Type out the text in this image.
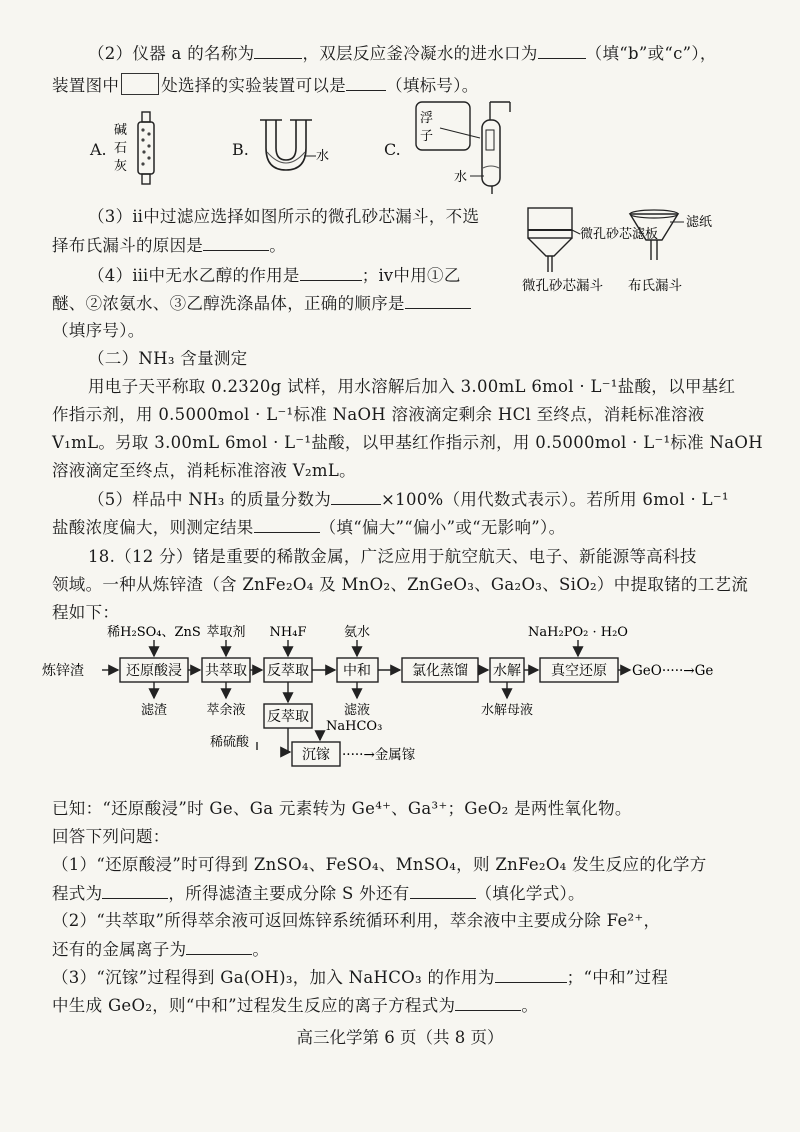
（2）仪器 a 的名称为	，双层反应釜冷凝水的进水口为	（填“b”或“c”），
装置图中	处选择的实验装置可以是 （填标号）。
A.
碱
石
灰
B.	水	C.
浮
子
水
（3）ⅱ中过滤应选择如图所示的微孔砂芯漏斗，不选
择布氏漏斗的原因是	。
微孔砂芯滤板
滤纸
微孔砂芯漏斗 布氏漏斗
（4）ⅲ中无水乙醇的作用是	；ⅳ中用①乙
醚、②浓氨水、③乙醇洗涤晶体，正确的顺序是
（填序号）。
（二）NH₃ 含量测定
用电子天平称取 0.2320g 试样，用水溶解后加入 3.00mL 6mol · L⁻¹盐酸，以甲基红
作指示剂，用 0.5000mol · L⁻¹标准 NaOH 溶液滴定剩余 HCl 至终点，消耗标准溶液
V₁mL。另取 3.00mL 6mol · L⁻¹盐酸，以甲基红作指示剂，用 0.5000mol · L⁻¹标准 NaOH
溶液滴定至终点，消耗标准溶液 V₂mL。
（5）样品中 NH₃ 的质量分数为	×100%（用代数式表示）。若所用 6mol · L⁻¹
盐酸浓度偏大，则测定结果	（填“偏大”“偏小”或“无影响”）。
18.（12 分）锗是重要的稀散金属，广泛应用于航空航天、电子、新能源等高科技
领域。一种从炼锌渣（含 ZnFe₂O₄ 及 MnO₂、ZnGeO₃、Ga₂O₃、SiO₂）中提取锗的工艺流
程如下：
炼锌渣	还原酸浸 共萃取 反萃取 中和	氯化蒸馏 水解 真空还原 GeO·····→Ge
稀H₂SO₄、ZnS 萃取剂 NH₄F	氨水	NaH₂PO₂ · H₂O
滤渣	萃余液	滤液	水解母液
反萃取
沉镓
稀硫酸
NaHCO₃
·····→金属镓
已知：“还原酸浸”时 Ge、Ga 元素转为 Ge⁴⁺、Ga³⁺；GeO₂ 是两性氧化物。
回答下列问题：
（1）“还原酸浸”时可得到 ZnSO₄、FeSO₄、MnSO₄，则 ZnFe₂O₄ 发生反应的化学方
程式为	，所得滤渣主要成分除 S 外还有	（填化学式）。
（2）“共萃取”所得萃余液可返回炼锌系统循环利用，萃余液中主要成分除 Fe²⁺，
还有的金属离子为	。
（3）“沉镓”过程得到 Ga(OH)₃，加入 NaHCO₃ 的作用为	；“中和”过程
中生成 GeO₂，则“中和”过程发生反应的离子方程式为	。
高三化学第 6 页（共 8 页）
